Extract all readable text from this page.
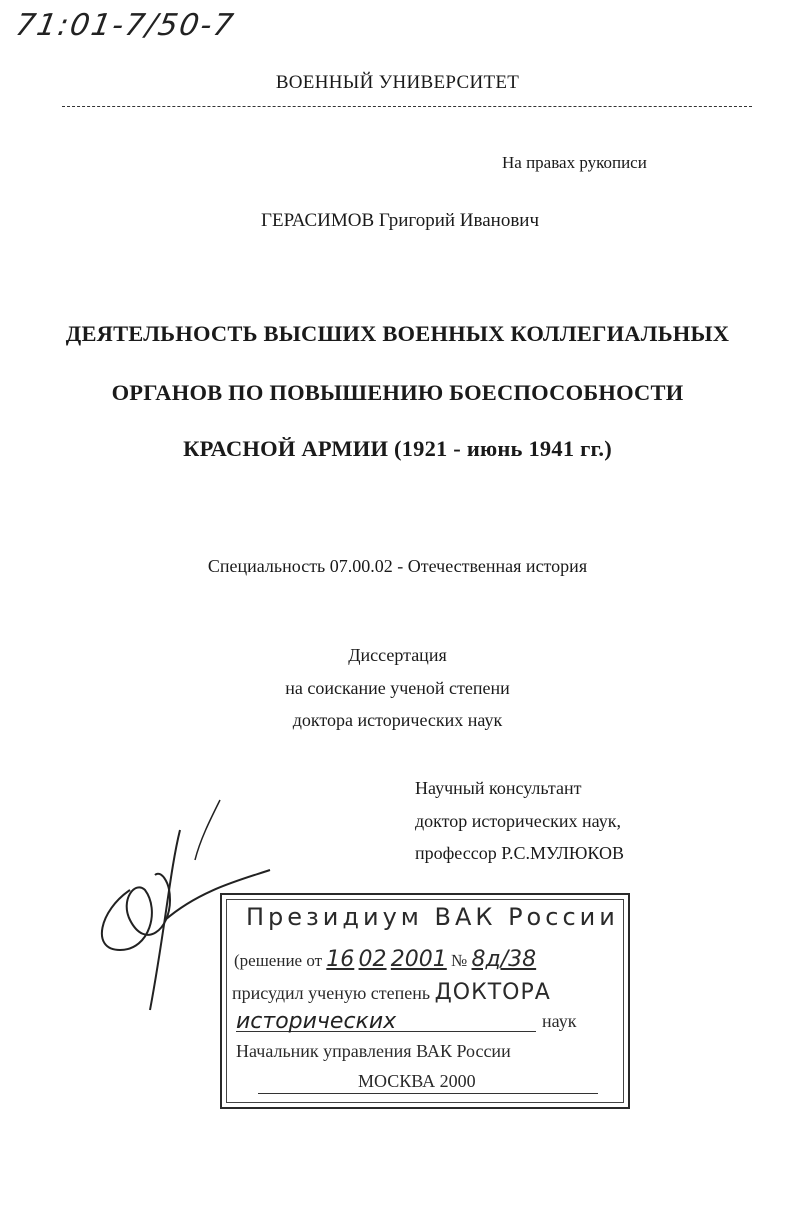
71:01-7/50-7
ВОЕННЫЙ УНИВЕРСИТЕТ
На правах рукописи
ГЕРАСИМОВ Григорий Иванович
ДЕЯТЕЛЬНОСТЬ ВЫСШИХ ВОЕННЫХ КОЛЛЕГИАЛЬНЫХ
ОРГАНОВ ПО ПОВЫШЕНИЮ БОЕСПОСОБНОСТИ
КРАСНОЙ АРМИИ (1921 - июнь 1941 гг.)
Специальность 07.00.02 - Отечественная история
Диссертация
на соискание ученой степени
доктора исторических наук
Научный консультант
доктор исторических наук,
профессор Р.С.МУЛЮКОВ
Президиум ВАК России
(решение от 16 02 2001 № 8д/38
присудил ученую степень ДОКТОРА
исторических	наук
Начальник управления ВАК России
МОСКВА 2000
